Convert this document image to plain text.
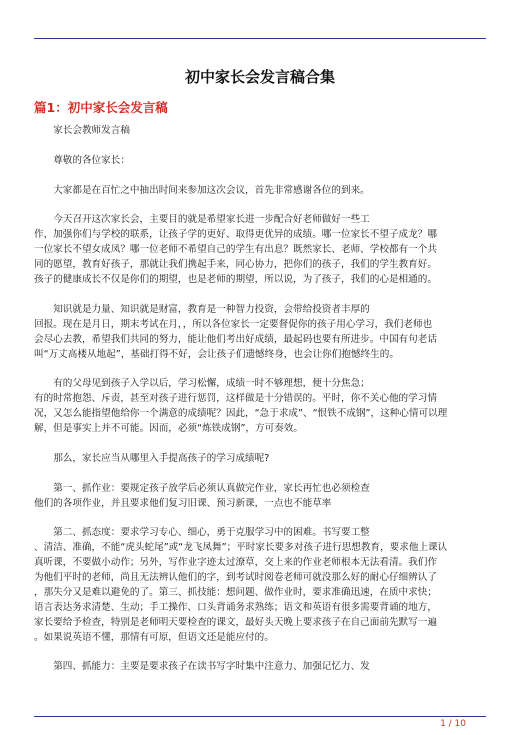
初中家长会发言稿合集
篇1：初中家长会发言稿

家长会教师发言稿

尊敬的各位家长：

大家都是在百忙之中抽出时间来参加这次会议，首先非常感谢各位的到来。

今天召开这次家长会，主要目的就是希望家长进一步配合好老师做好一些工
作，加强你们与学校的联系，让孩子学的更好、取得更优异的成绩。哪一位家长不望子成龙？哪
一位家长不望女成凤？哪一位老师不希望自己的学生有出息？既然家长、老师、学校都有一个共
同的愿望，教育好孩子，那就让我们携起手来，同心协力，把你们的孩子，我们的学生教育好。
孩子的健康成长不仅是你们的期望，也是老师的期望，所以说，为了孩子，我们的心是相通的。

知识就是力量、知识就是财富，教育是一种智力投资，会带给投资者丰厚的
回报。现在是月日，期末考试在月，，所以各位家长一定要督促你的孩子用心学习，我们老师也
会尽心去教，希望我们共同的努力，能让他们考出好成绩，最起码也要有所进步。中国有句老话
叫“万丈高楼从地起”，基础打得不好，会让孩子们遗憾终身，也会让你们抱憾终生的。

有的父母见到孩子入学以后，学习松懈，成绩一时不够理想，便十分焦急；
有的时常抱怨、斥责，甚至对孩子进行惩罚，这样做是十分错误的。平时，你不关心他的学习情
况，又怎么能指望他给你一个满意的成绩呢？因此，“急于求成”、“恨铁不成钢”，这种心情可以理
解，但是事实上并不可能。因而，必须“炼铁成钢”，方可奏效。

那么，家长应当从哪里入手提高孩子的学习成绩呢?

第一、抓作业：要规定孩子放学后必须认真做完作业，家长再忙也必须检查
他们的各项作业，并且要求他们复习旧课、预习新课，一点也不能草率

第二、抓态度：要求学习专心、细心，勇于克服学习中的困难。书写要工整
、清洁、准确，不能“虎头蛇尾”或“龙飞凤舞”；平时家长要多对孩子进行思想教育，要求他上课认
真听课，不要做小动作；另外，写作业字迹太过潦草，交上来的作业老师根本无法看清。我们作
为他们平时的老师，尚且无法辨认他们的字，到考试时阅卷老师可就没那么好的耐心仔细辨认了
，那失分又是难以避免的了。第三、抓技能：想问题、做作业时，要求准确迅速，在质中求快；
语言表达务求清楚、生动；手工操作、口头背诵务求熟练；语文和英语有很多需要背诵的地方，
家长要给予检查，特别是老师明天要检查的课文，最好头天晚上要求孩子在自己面前先默写一遍
。如果说英语不懂，那情有可原，但语文还是能应付的。

第四、抓能力：主要是要求孩子在读书写字时集中注意力、加强记忆力、发

1 / 10
